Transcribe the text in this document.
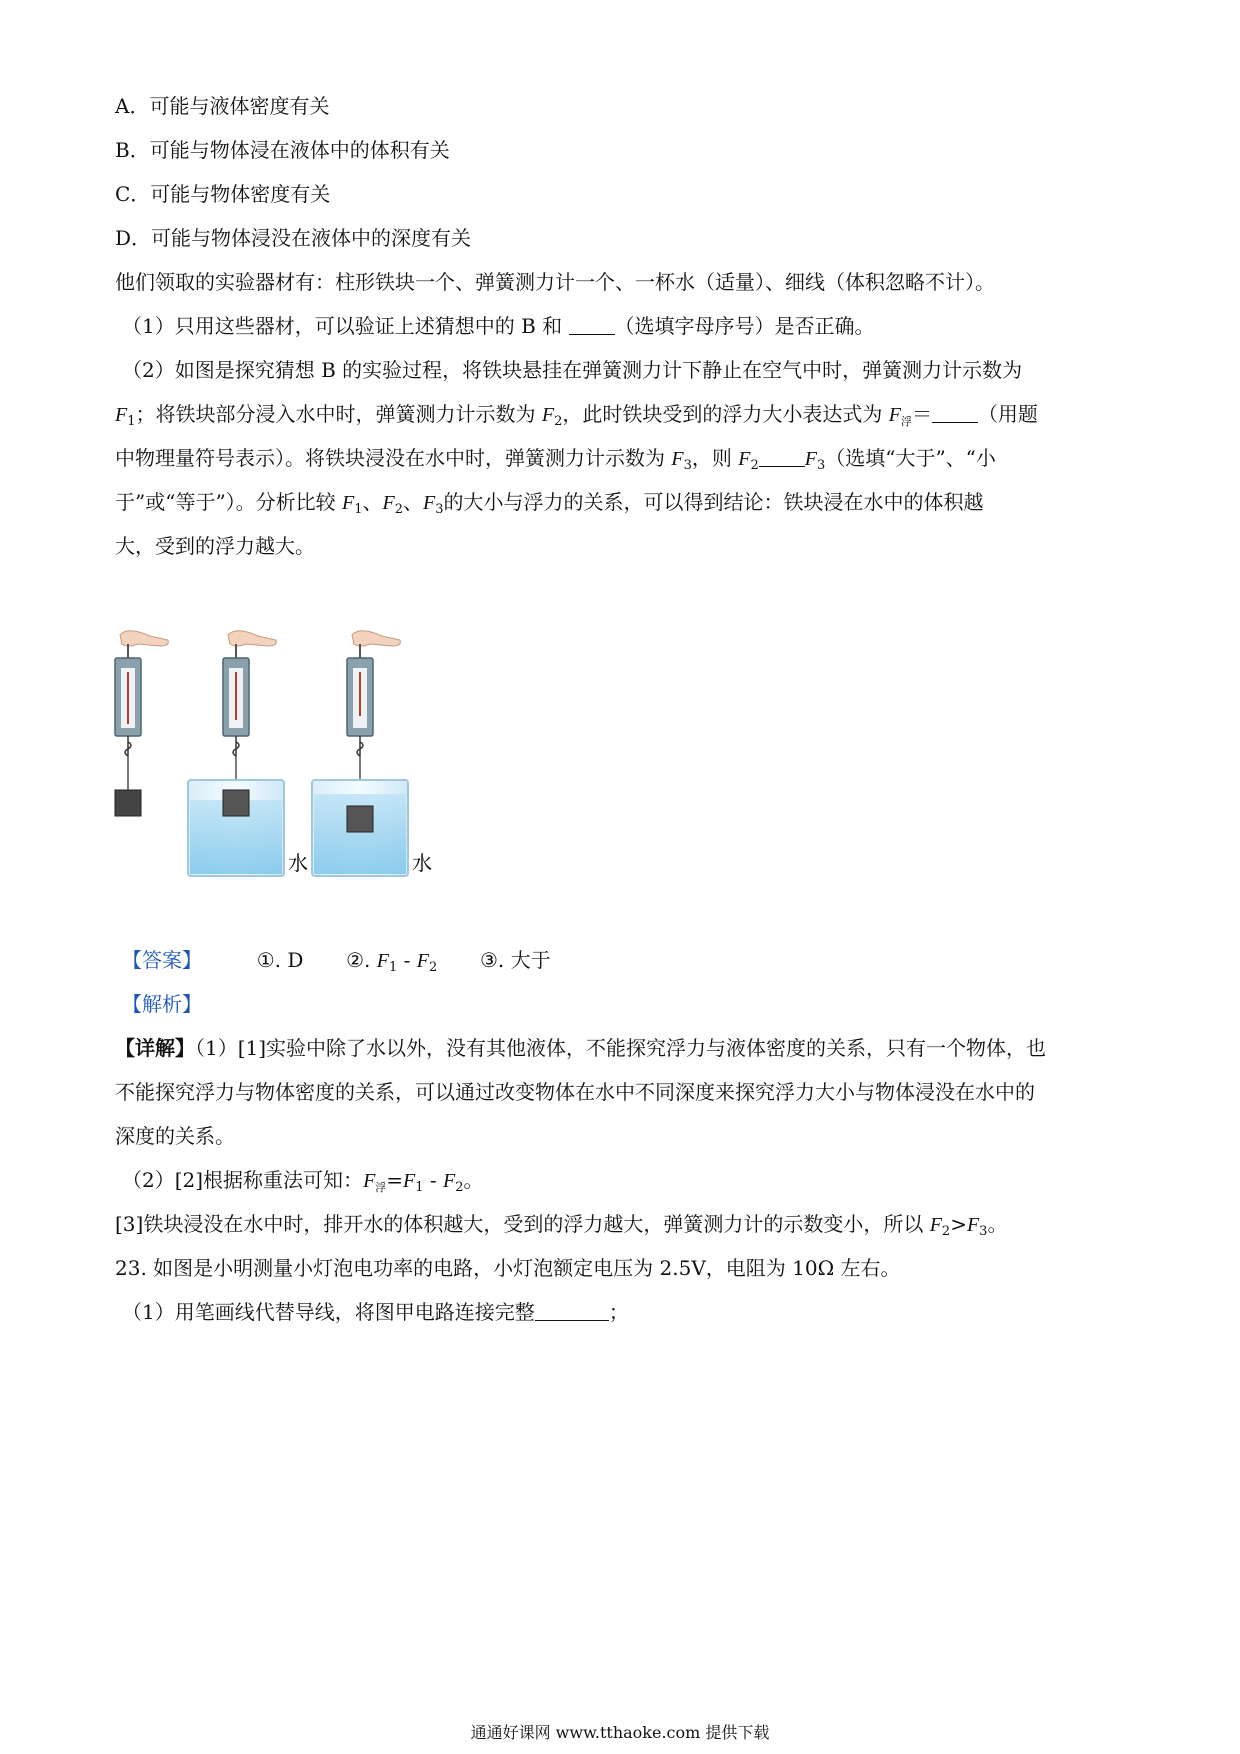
A．可能与液体密度有关
B．可能与物体浸在液体中的体积有关
C．可能与物体密度有关
D．可能与物体浸没在液体中的深度有关
他们领取的实验器材有：柱形铁块一个、弹簧测力计一个、一杯水（适量）、细线（体积忽略不计）。
（1）只用这些器材，可以验证上述猜想中的 B 和 （选填字母序号）是否正确。
（2）如图是探究猜想 B 的实验过程，将铁块悬挂在弹簧测力计下静止在空气中时，弹簧测力计示数为
$F_1$；将铁块部分浸入水中时，弹簧测力计示数为 $F_2$，此时铁块受到的浮力大小表达式为 $F_浮=$ （用题
中物理量符号表示）。将铁块浸没在水中时，弹簧测力计示数为 $F_3$，则 $F_2$ $F_3$（选填“大于”、“小
于”或“等于”）。分析比较 $F_1$、$F_2$、$F_3$的大小与浮力的关系，可以得到结论：铁块浸在水中的体积越
大，受到的浮力越大。
水	水
【答案】	①. D ②. $F_1 - F_2$ ③. 大于
【解析】
【详解】（1）[1]实验中除了水以外，没有其他液体，不能探究浮力与液体密度的关系，只有一个物体，也
不能探究浮力与物体密度的关系，可以通过改变物体在水中不同深度来探究浮力大小与物体浸没在水中的
深度的关系。
（2）[2]根据称重法可知：$F_浮=F_1 - F_2$。
[3]铁块浸没在水中时，排开水的体积越大，受到的浮力越大，弹簧测力计的示数变小，所以 $F_2>F_3$。
23. 如图是小明测量小灯泡电功率的电路，小灯泡额定电压为 2.5V，电阻为 10Ω 左右。
（1）用笔画线代替导线，将图甲电路连接完整	；
通通好课网 www.tthaoke.com 提供下载
